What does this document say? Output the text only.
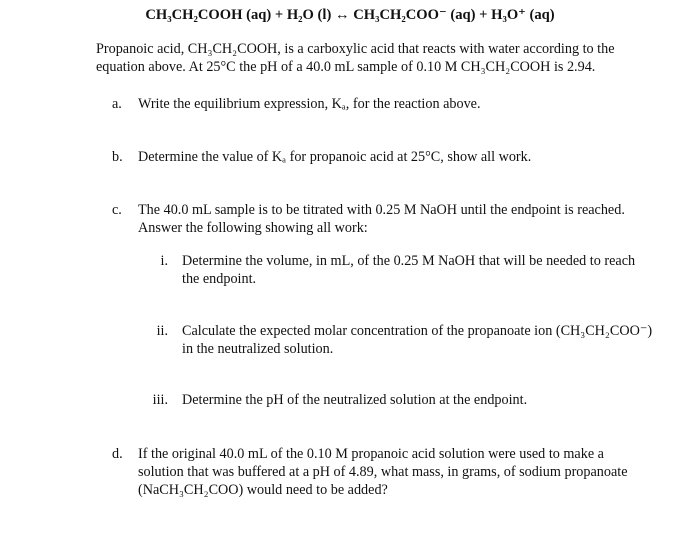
CH₃CH₂COOH (aq) + H₂O (l) ↔ CH₃CH₂COO⁻ (aq) + H₃O⁺ (aq)
Propanoic acid, CH₃CH₂COOH, is a carboxylic acid that reacts with water according to the
equation above. At 25°C the pH of a 40.0 mL sample of 0.10 M CH₃CH₂COOH is 2.94.
a. Write the equilibrium expression, Kₐ, for the reaction above.
b. Determine the value of Kₐ for propanoic acid at 25°C, show all work.
c. The 40.0 mL sample is to be titrated with 0.25 M NaOH until the endpoint is reached.
Answer the following showing all work:
i. Determine the volume, in mL, of the 0.25 M NaOH that will be needed to reach
the endpoint.
ii. Calculate the expected molar concentration of the propanoate ion (CH₃CH₂COO⁻)
in the neutralized solution.
iii. Determine the pH of the neutralized solution at the endpoint.
d. If the original 40.0 mL of the 0.10 M propanoic acid solution were used to make a
solution that was buffered at a pH of 4.89, what mass, in grams, of sodium propanoate
(NaCH₃CH₂COO) would need to be added?
